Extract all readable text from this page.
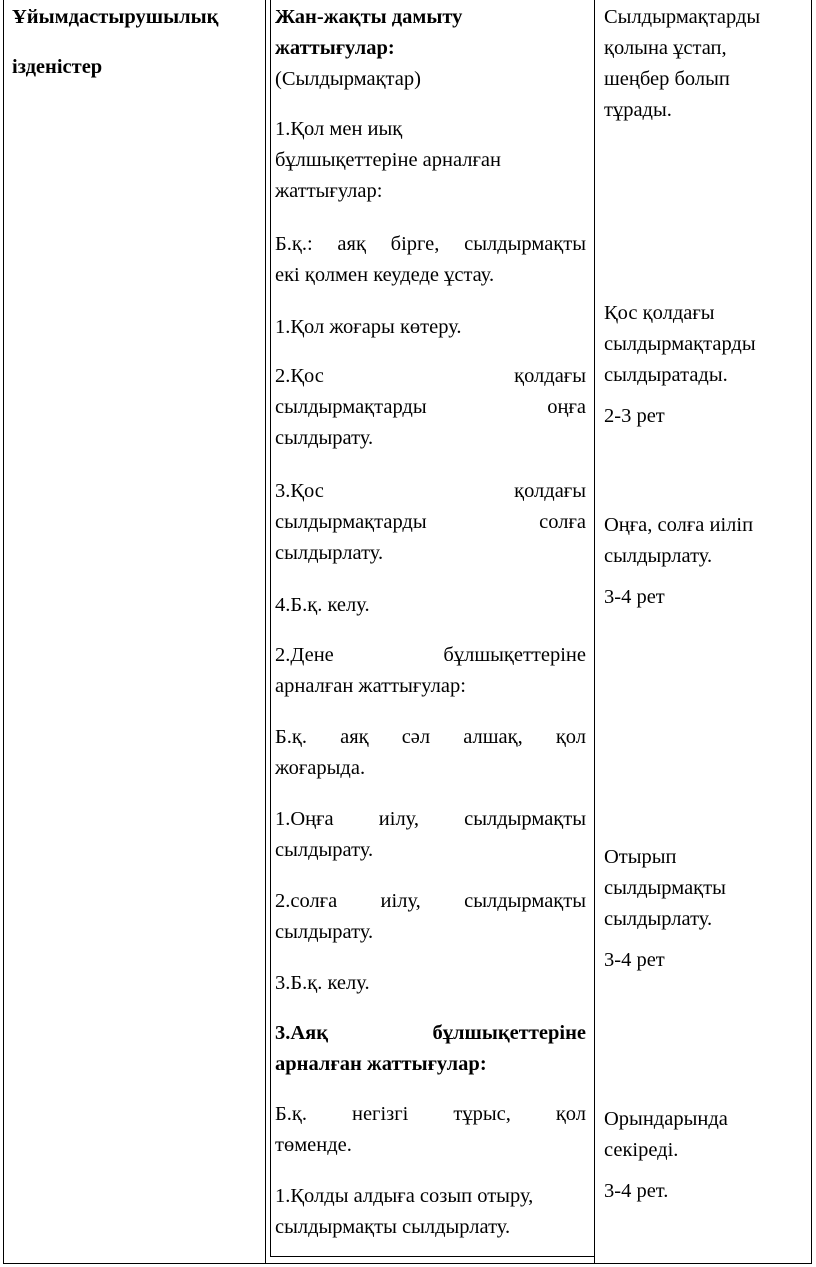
Ұйымдастырушылық

ізденістер

Жан-жақты дамыту

жаттығулар:

(Сылдырмақтар)

1.Қол мен иық

бұлшықеттеріне арналған

жаттығулар:

Б.қ.: аяқ бірге, сылдырмақты

екі қолмен кеудеде ұстау.

1.Қол жоғары көтеру.

2.Қос қолдағы

сылдырмақтарды оңға

сылдырату.

3.Қос қолдағы

сылдырмақтарды солға

сылдырлату.

4.Б.қ. келу.

2.Дене бұлшықеттеріне

арналған жаттығулар:

Б.қ. аяқ сәл алшақ, қол

жоғарыда.

1.Оңға иілу, сылдырмақты

сылдырату.

2.солға иілу, сылдырмақты

сылдырату.

3.Б.қ. келу.

3.Аяқ бұлшықеттеріне

арналған жаттығулар:

Б.қ. негізгі тұрыс, қол

төменде.

1.Қолды алдыға созып отыру,

сылдырмақты сылдырлату.

Сылдырмақтарды

қолына ұстап,

шеңбер болып

тұрады.

Қос қолдағы

сылдырмақтарды

сылдыратады.

2-3 рет

Оңға, солға иіліп

сылдырлату.

3-4 рет

Отырып

сылдырмақты

сылдырлату.

3-4 рет

Орындарында

секіреді.

3-4 рет.
